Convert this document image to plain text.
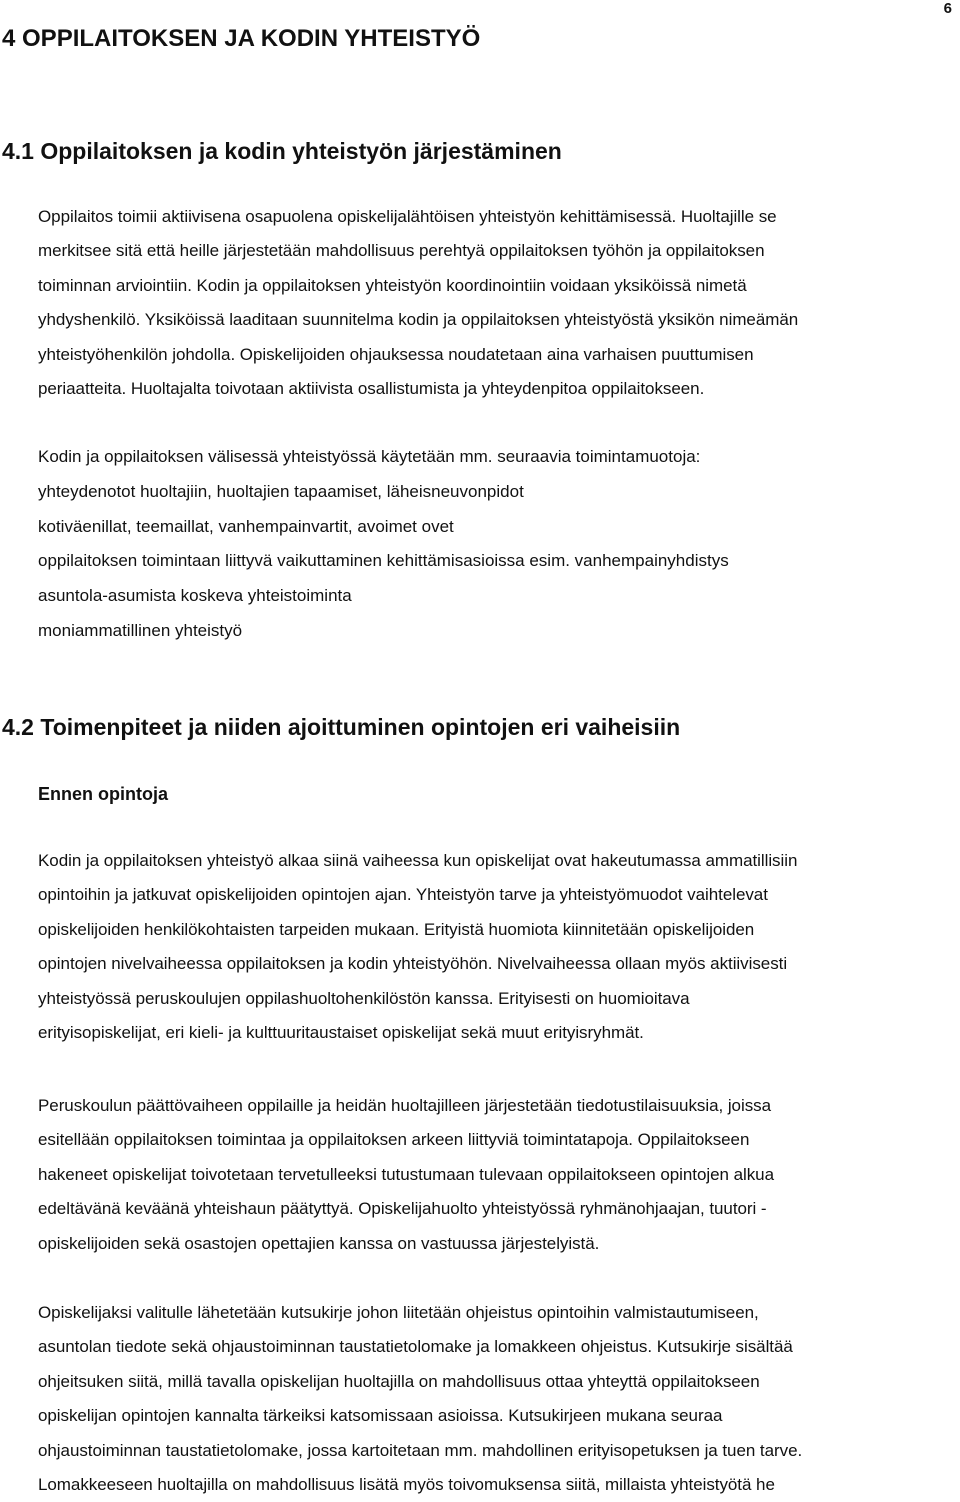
6
4 OPPILAITOKSEN JA KODIN YHTEISTYÖ
4.1 Oppilaitoksen ja kodin yhteistyön järjestäminen
Oppilaitos toimii aktiivisena osapuolena opiskelijalähtöisen yhteistyön kehittämisessä. Huoltajille se
merkitsee sitä että heille järjestetään mahdollisuus perehtyä oppilaitoksen työhön ja oppilaitoksen
toiminnan arviointiin. Kodin ja oppilaitoksen yhteistyön koordinointiin voidaan yksiköissä nimetä
yhdyshenkilö. Yksiköissä laaditaan suunnitelma kodin ja oppilaitoksen yhteistyöstä yksikön nimeämän
yhteistyöhenkilön johdolla. Opiskelijoiden ohjauksessa noudatetaan aina varhaisen puuttumisen
periaatteita. Huoltajalta toivotaan aktiivista osallistumista ja yhteydenpitoa oppilaitokseen.
Kodin ja oppilaitoksen välisessä yhteistyössä käytetään mm. seuraavia toimintamuotoja:
yhteydenotot huoltajiin, huoltajien tapaamiset, läheisneuvonpidot
kotiväenillat, teemaillat, vanhempainvartit, avoimet ovet
oppilaitoksen toimintaan liittyvä vaikuttaminen kehittämisasioissa esim. vanhempainyhdistys
asuntola-asumista koskeva yhteistoiminta
moniammatillinen yhteistyö
4.2 Toimenpiteet ja niiden ajoittuminen opintojen eri vaiheisiin
Ennen opintoja
Kodin ja oppilaitoksen yhteistyö alkaa siinä vaiheessa kun opiskelijat ovat hakeutumassa ammatillisiin
opintoihin ja jatkuvat opiskelijoiden opintojen ajan. Yhteistyön tarve ja yhteistyömuodot vaihtelevat
opiskelijoiden henkilökohtaisten tarpeiden mukaan. Erityistä huomiota kiinnitetään opiskelijoiden
opintojen nivelvaiheessa oppilaitoksen ja kodin yhteistyöhön. Nivelvaiheessa ollaan myös aktiivisesti
yhteistyössä peruskoulujen oppilashuoltohenkilöstön kanssa. Erityisesti on huomioitava
erityisopiskelijat, eri kieli- ja kulttuuritaustaiset opiskelijat sekä muut erityisryhmät.
Peruskoulun päättövaiheen oppilaille ja heidän huoltajilleen järjestetään tiedotustilaisuuksia, joissa
esitellään oppilaitoksen toimintaa ja oppilaitoksen arkeen liittyviä toimintatapoja. Oppilaitokseen
hakeneet opiskelijat toivotetaan tervetulleeksi tutustumaan tulevaan oppilaitokseen opintojen alkua
edeltävänä keväänä yhteishaun päätyttyä. Opiskelijahuolto yhteistyössä ryhmänohjaajan, tuutori -
opiskelijoiden sekä osastojen opettajien kanssa on vastuussa järjestelyistä.
Opiskelijaksi valitulle lähetetään kutsukirje johon liitetään ohjeistus opintoihin valmistautumiseen,
asuntolan tiedote sekä ohjaustoiminnan taustatietolomake ja lomakkeen ohjeistus. Kutsukirje sisältää
ohjeitsuken siitä, millä tavalla opiskelijan huoltajilla on mahdollisuus ottaa yhteyttä oppilaitokseen
opiskelijan opintojen kannalta tärkeiksi katsomissaan asioissa. Kutsukirjeen mukana seuraa
ohjaustoiminnan taustatietolomake, jossa kartoitetaan mm. mahdollinen erityisopetuksen ja tuen tarve.
Lomakkeeseen huoltajilla on mahdollisuus lisätä myös toivomuksensa siitä, millaista yhteistyötä he
